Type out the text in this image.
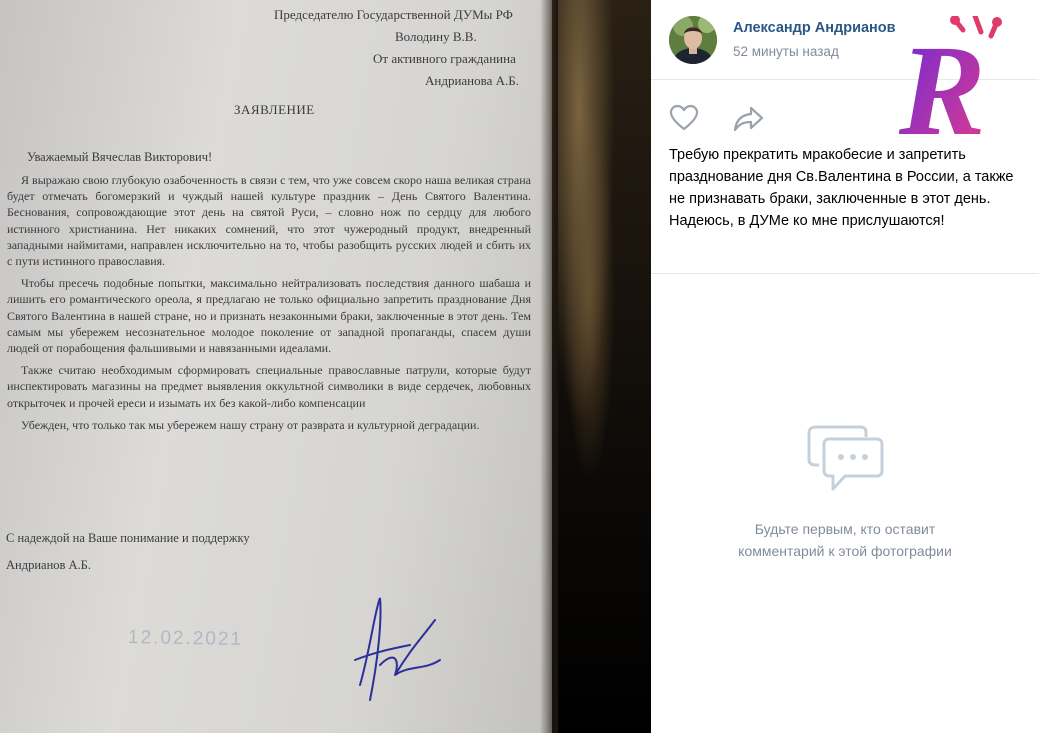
Председателю Государственной ДУМы РФ
Володину В.В.
От активного гражданина
Андрианова А.Б.
ЗАЯВЛЕНИЕ
Уважаемый Вячеслав Викторович!

Я выражаю свою глубокую озабоченность в связи с тем, что уже совсем скоро наша великая страна будет отмечать богомерзкий и чуждый нашей культуре праздник – День Святого Валентина. Беснования, сопровождающие этот день на святой Руси, – словно нож по сердцу для любого истинного христианина. Нет никаких сомнений, что этот чужеродный продукт, внедренный западными наймитами, направлен исключительно на то, чтобы разобщить русских людей и сбить их с пути истинного православия.

Чтобы пресечь подобные попытки, максимально нейтрализовать последствия данного шабаша и лишить его романтического ореола, я предлагаю не только официально запретить празднование Дня Святого Валентина в нашей стране, но и признать незаконными браки, заключенные в этот день. Тем самым мы убережем несознательное молодое поколение от западной пропаганды, спасем души людей от порабощения фальшивыми и навязанными идеалами.

Также считаю необходимым сформировать специальные православные патрули, которые будут инспектировать магазины на предмет выявления оккультной символики в виде сердечек, любовных открыточек и прочей ереси и изымать их без какой-либо компенсации

Убежден, что только так мы убережем нашу страну от разврата и культурной деградации.

С надеждой на Ваше понимание и поддержку
Андрианов А.Б.
12.02.2021
Александр Андрианов
52 минуты назад R
Требую прекратить мракобесие и запретить празднование дня Св.Валентина в России, а также не признавать браки, заключенные в этот день. Надеюсь, в ДУМе ко мне прислушаются!
Будьте первым, кто оставит
комментарий к этой фотографии
